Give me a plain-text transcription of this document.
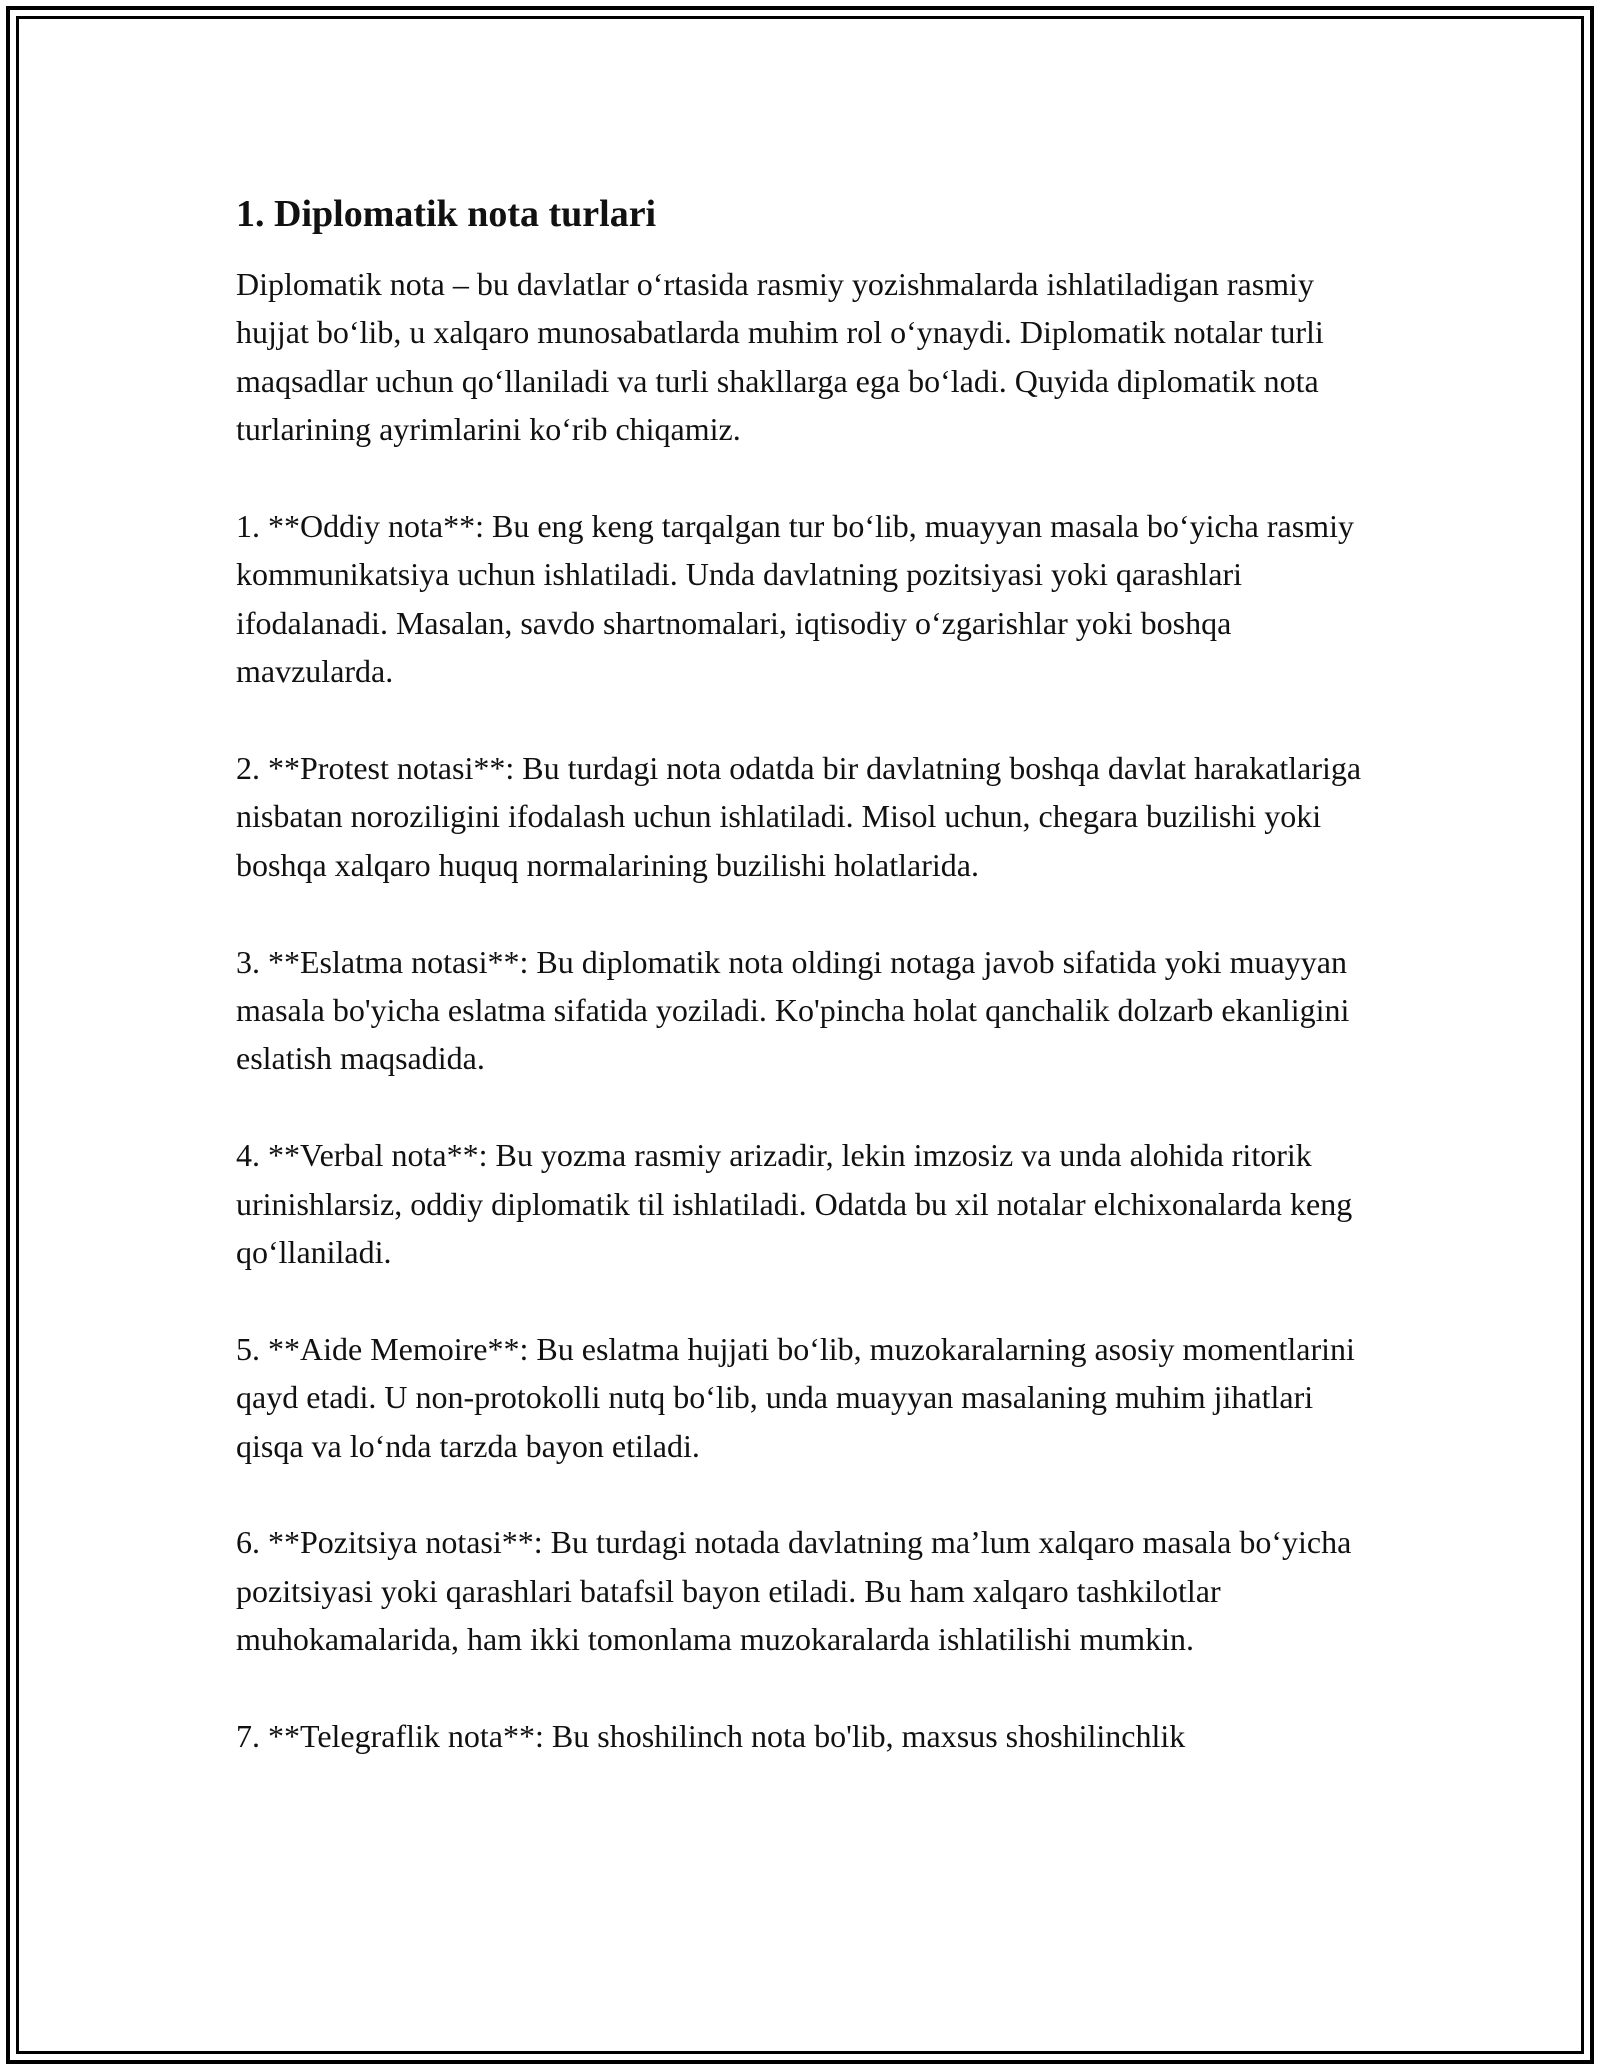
1. Diplomatik nota turlari

Diplomatik nota – bu davlatlar o‘rtasida rasmiy yozishmalarda ishlatiladigan rasmiy hujjat bo‘lib, u xalqaro munosabatlarda muhim rol o‘ynaydi. Diplomatik notalar turli maqsadlar uchun qo‘llaniladi va turli shakllarga ega bo‘ladi. Quyida diplomatik nota turlarining ayrimlarini ko‘rib chiqamiz.

1. **Oddiy nota**: Bu eng keng tarqalgan tur bo‘lib, muayyan masala bo‘yicha rasmiy kommunikatsiya uchun ishlatiladi. Unda davlatning pozitsiyasi yoki qarashlari ifodalanadi. Masalan, savdo shartnomalari, iqtisodiy o‘zgarishlar yoki boshqa mavzularda.

2. **Protest notasi**: Bu turdagi nota odatda bir davlatning boshqa davlat harakatlariga nisbatan noroziligini ifodalash uchun ishlatiladi. Misol uchun, chegara buzilishi yoki boshqa xalqaro huquq normalarining buzilishi holatlarida.

3. **Eslatma notasi**: Bu diplomatik nota oldingi notaga javob sifatida yoki muayyan masala bo'yicha eslatma sifatida yoziladi. Ko'pincha holat qanchalik dolzarb ekanligini eslatish maqsadida.

4. **Verbal nota**: Bu yozma rasmiy arizadir, lekin imzosiz va unda alohida ritorik urinishlarsiz, oddiy diplomatik til ishlatiladi. Odatda bu xil notalar elchixonalarda keng qo‘llaniladi.

5. **Aide Memoire**: Bu eslatma hujjati bo‘lib, muzokaralarning asosiy momentlarini qayd etadi. U non-protokolli nutq bo‘lib, unda muayyan masalaning muhim jihatlari qisqa va lo‘nda tarzda bayon etiladi.

6. **Pozitsiya notasi**: Bu turdagi notada davlatning ma’lum xalqaro masala bo‘yicha pozitsiyasi yoki qarashlari batafsil bayon etiladi. Bu ham xalqaro tashkilotlar muhokamalarida, ham ikki tomonlama muzokaralarda ishlatilishi mumkin.

7. **Telegraflik nota**: Bu shoshilinch nota bo'lib, maxsus shoshilinchlik
